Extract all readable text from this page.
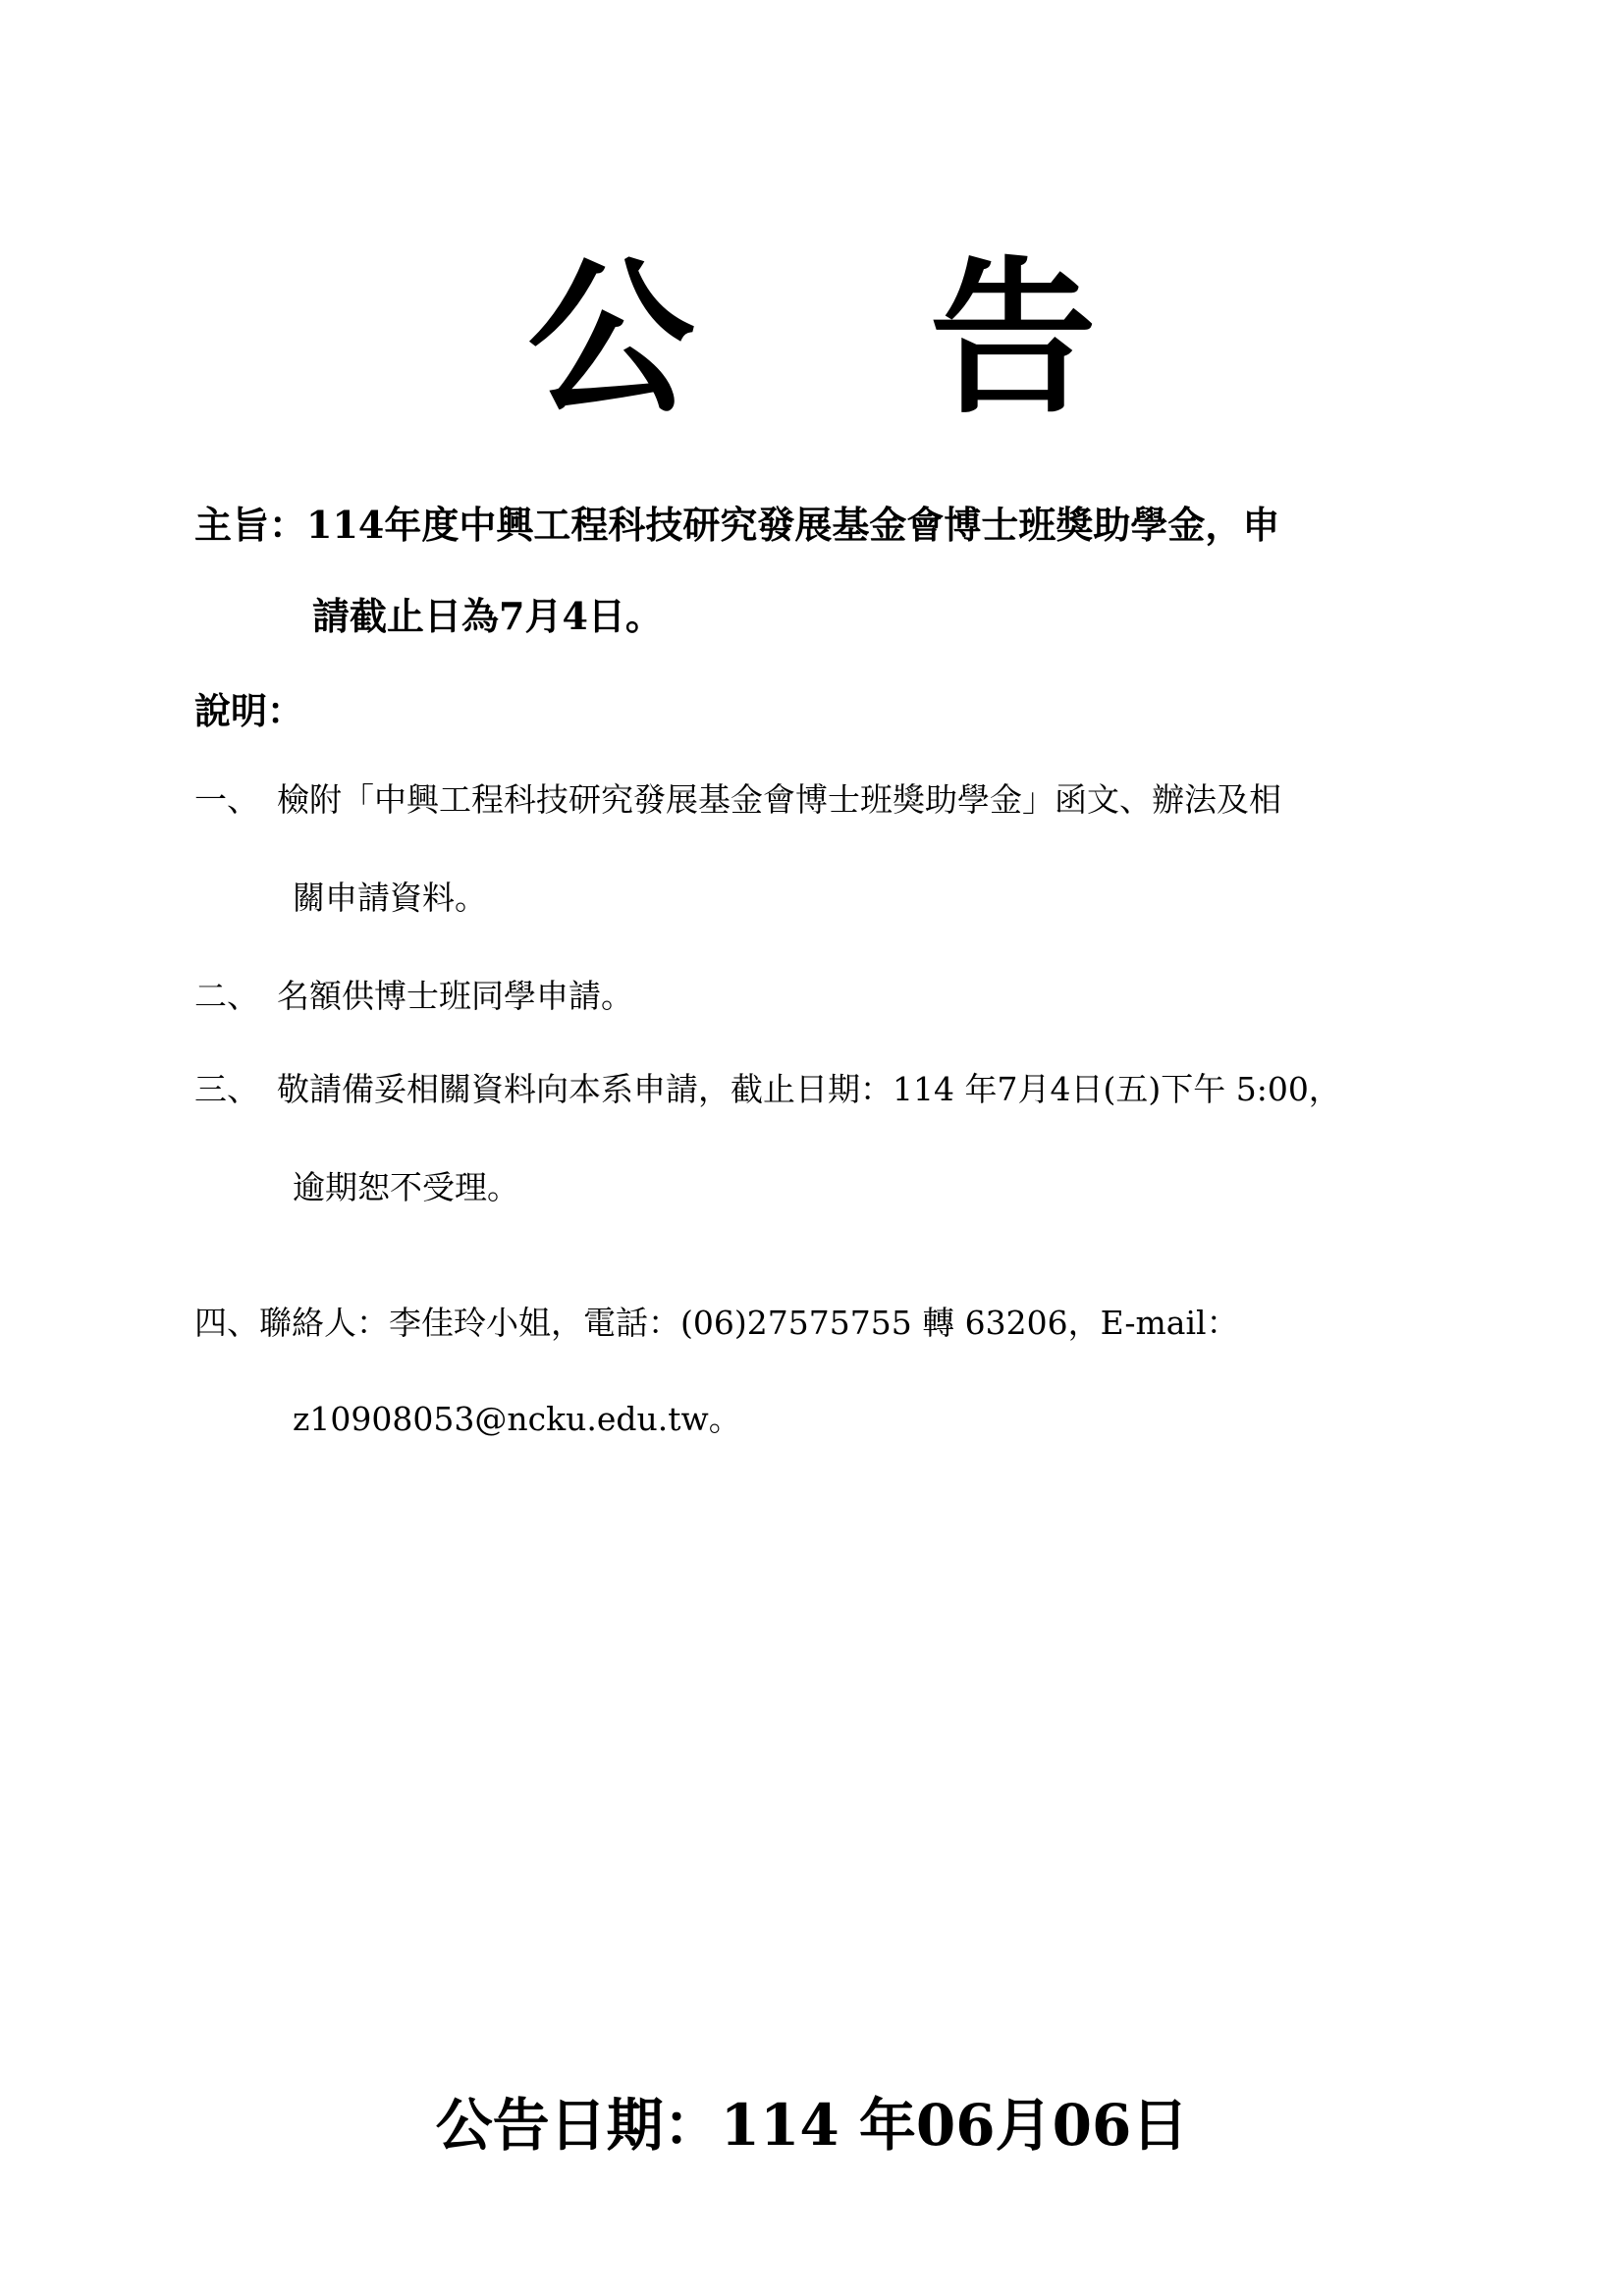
公 告
主旨：114年度中興工程科技研究發展基金會博士班獎助學金，申
請截止日為7月4日。
說明：
一、 檢附「中興工程科技研究發展基金會博士班獎助學金」函文、辦法及相
關申請資料。
二、 名額供博士班同學申請。
三、 敬請備妥相關資料向本系申請，截止日期：114 年7月4日(五)下午 5:00，
逾期恕不受理。
四、聯絡人：李佳玲小姐，電話：(06)27575755 轉 63206，E-mail：
z10908053@ncku.edu.tw。
公告日期：114 年06月06日
